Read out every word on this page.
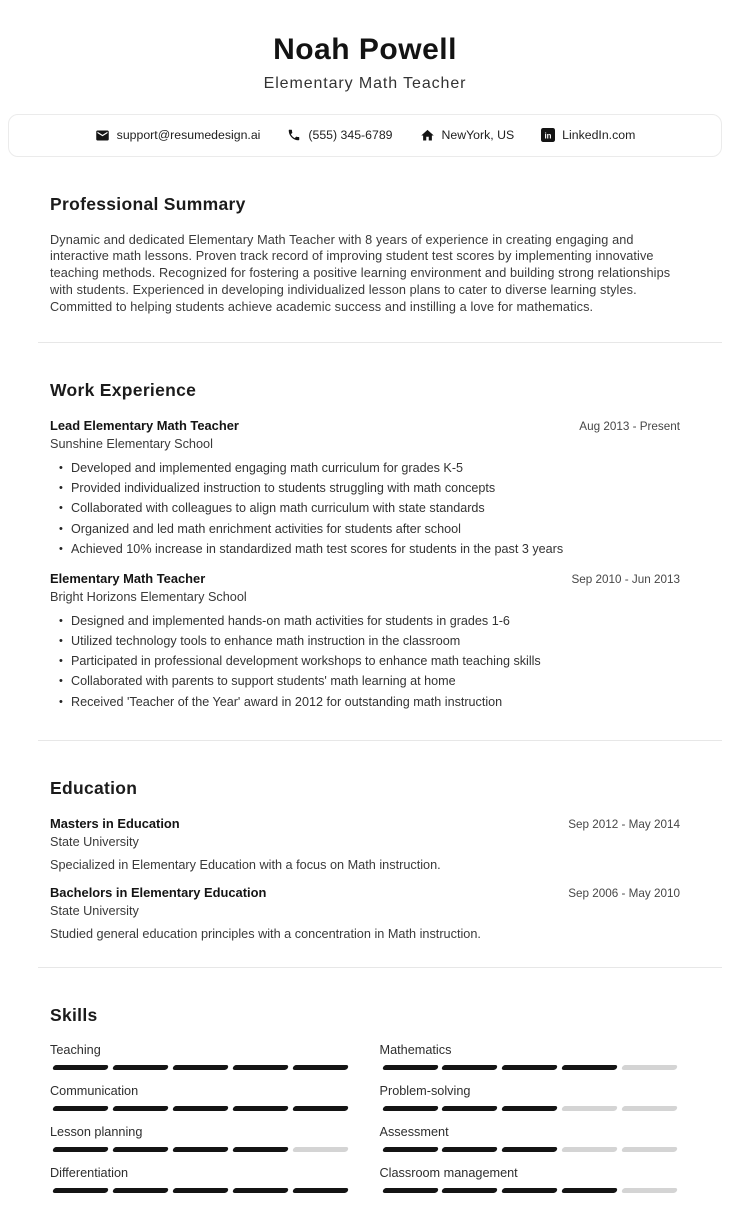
Noah Powell
Elementary Math Teacher
support@resumedesign.ai	(555) 345-6789	NewYork, US	in LinkedIn.com
Professional Summary

Dynamic and dedicated Elementary Math Teacher with 8 years of experience in creating engaging and interactive math lessons. Proven track record of improving student test scores by implementing innovative teaching methods. Recognized for fostering a positive learning environment and building strong relationships with students. Experienced in developing individualized lesson plans to cater to diverse learning styles. Committed to helping students achieve academic success and instilling a love for mathematics.

Work Experience
Lead Elementary Math Teacher	Aug 2013 - Present
Sunshine Elementary School
• Developed and implemented engaging math curriculum for grades K-5
• Provided individualized instruction to students struggling with math concepts
• Collaborated with colleagues to align math curriculum with state standards
• Organized and led math enrichment activities for students after school
• Achieved 10% increase in standardized math test scores for students in the past 3 years
Elementary Math Teacher	Sep 2010 - Jun 2013
Bright Horizons Elementary School
• Designed and implemented hands-on math activities for students in grades 1-6
• Utilized technology tools to enhance math instruction in the classroom
• Participated in professional development workshops to enhance math teaching skills
• Collaborated with parents to support students' math learning at home
• Received 'Teacher of the Year' award in 2012 for outstanding math instruction
Education
Masters in Education	Sep 2012 - May 2014
State University
Specialized in Elementary Education with a focus on Math instruction.
Bachelors in Elementary Education	Sep 2006 - May 2010
State University
Studied general education principles with a concentration in Math instruction.
Skills
Teaching	Mathematics
Communication	Problem-solving
Lesson planning	Assessment
Differentiation	Classroom management
